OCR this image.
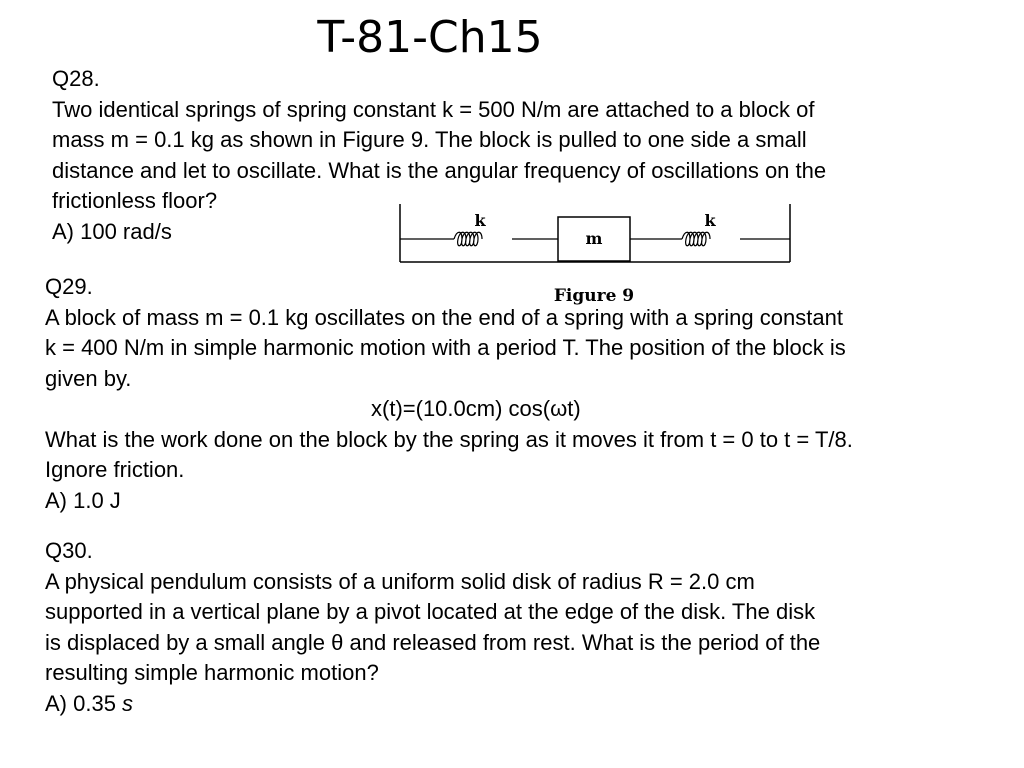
T-81-Ch15
Q28.
Two identical springs of spring constant k = 500 N/m are attached to a block of
mass m = 0.1 kg as shown in Figure 9. The block is pulled to one side a small
distance and let to oscillate. What is the angular frequency of oscillations on the
frictionless floor?
A) 100 rad/s	k	k
m
Figure 9
Q29.
A block of mass m = 0.1 kg oscillates on the end of a spring with a spring constant
k = 400 N/m in simple harmonic motion with a period T. The position of the block is
given by.
x(t)=(10.0cm) cos(ωt)
What is the work done on the block by the spring as it moves it from t = 0 to t = T/8.
Ignore friction.
A) 1.0 J
Q30.
A physical pendulum consists of a uniform solid disk of radius R = 2.0 cm
supported in a vertical plane by a pivot located at the edge of the disk. The disk
is displaced by a small angle θ and released from rest. What is the period of the
resulting simple harmonic motion?
A) 0.35 s
